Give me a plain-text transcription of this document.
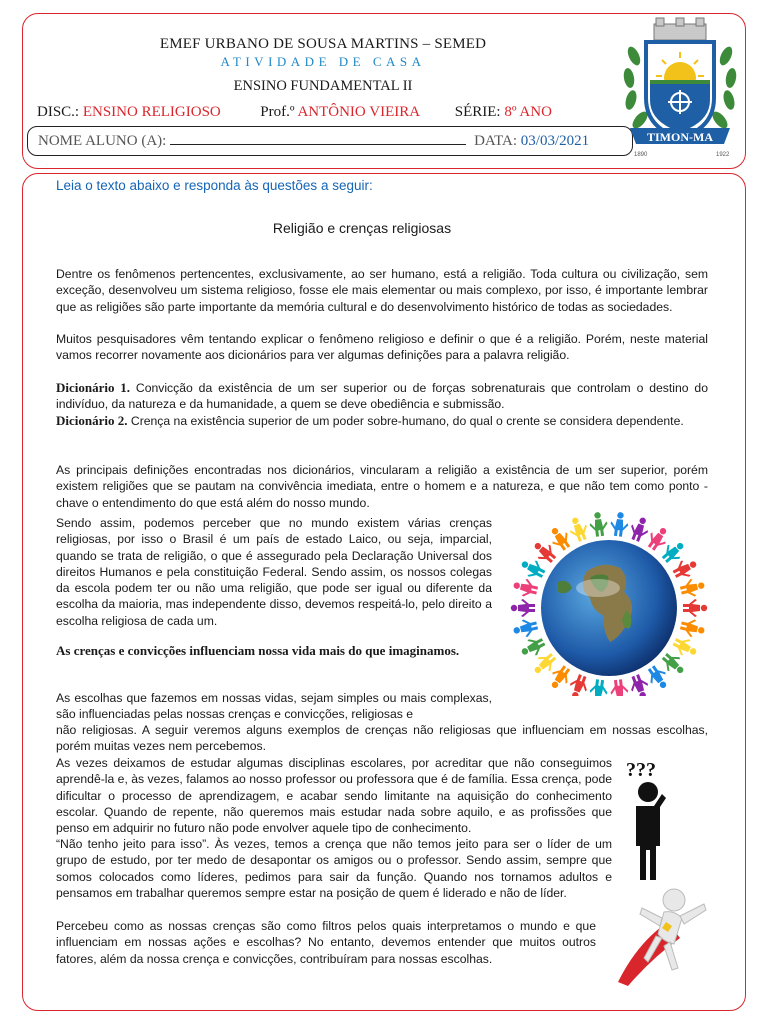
EMEF URBANO DE SOUSA MARTINS – SEMED
ATIVIDADE DE CASA
ENSINO FUNDAMENTAL II
DISC.: ENSINO RELIGIOSO	Prof.º ANTÔNIO VIEIRA SÉRIE: 8º ANO
NOME ALUNO (A):	DATA: 03/03/2021	TIMON-MA
1890	1922
Leia o texto abaixo e responda às questões a seguir:
Religião e crenças religiosas

Dentre os fenômenos pertencentes, exclusivamente, ao ser humano, está a religião. Toda cultura ou civilização, sem exceção, desenvolveu um sistema religioso, fosse ele mais elementar ou mais complexo, por isso, é importante lembrar que as religiões são parte importante da memória cultural e do desenvolvimento histórico de todas as sociedades.

Muitos pesquisadores vêm tentando explicar o fenômeno religioso e definir o que é a religião. Porém, neste material vamos recorrer novamente aos dicionários para ver algumas definições para a palavra religião.

Dicionário 1. Convicção da existência de um ser superior ou de forças sobrenaturais que controlam o destino do indivíduo, da natureza e da humanidade, a quem se deve obediência e submissão.

Dicionário 2. Crença na existência superior de um poder sobre-humano, do qual o crente se considera dependente.

As principais definições encontradas nos dicionários, vincularam a religião a existência de um ser superior, porém existem religiões que se pautam na convivência imediata, entre o homem e a natureza, e que não tem como ponto - chave o entendimento do que está além do nosso mundo.

Sendo assim, podemos perceber que no mundo existem várias crenças religiosas, por isso o Brasil é um país de estado Laico, ou seja, imparcial, quando se trata de religião, o que é assegurado pela Declaração Universal dos direitos Humanos e pela constituição Federal. Sendo assim, os nossos colegas da escola podem ter ou não uma religião, que pode ser igual ou diferente da escolha da maioria, mas independente disso, devemos respeitá-lo, pelo direito a escolha religiosa de cada um.

As crenças e convicções influenciam nossa vida mais do que imaginamos.

As escolhas que fazemos em nossas vidas, sejam simples ou mais complexas, são influenciadas pelas nossas crenças e convicções, religiosas e

não religiosas. A seguir veremos alguns exemplos de crenças não religiosas que influenciam em nossas escolhas, porém muitas vezes nem percebemos.

As vezes deixamos de estudar algumas disciplinas escolares, por acreditar que não conseguimos aprendê-la e, às vezes, falamos ao nosso professor ou professora que é de família. Essa crença, pode dificultar o processo de aprendizagem, e acabar sendo limitante na aquisição do conhecimento escolar. Quando de repente, não queremos mais estudar nada sobre aquilo, e as profissões que penso em adquirir no futuro não pode envolver aquele tipo de conhecimento.

“Não tenho jeito para isso”. Às vezes, temos a crença que não temos jeito para ser o líder de um grupo de estudo, por ter medo de desapontar os amigos ou o professor. Sendo assim, sempre que somos colocados como líderes, pedimos para sair da função. Quando nos tornamos adultos e pensamos em trabalhar queremos sempre estar na posição de quem é liderado e não de líder.

Percebeu como as nossas crenças são como filtros pelos quais interpretamos o mundo e que influenciam em nossas ações e escolhas? No entanto, devemos entender que muitos outros fatores, além da nossa crença e convicções, contribuíram para nossas escolhas.

???
